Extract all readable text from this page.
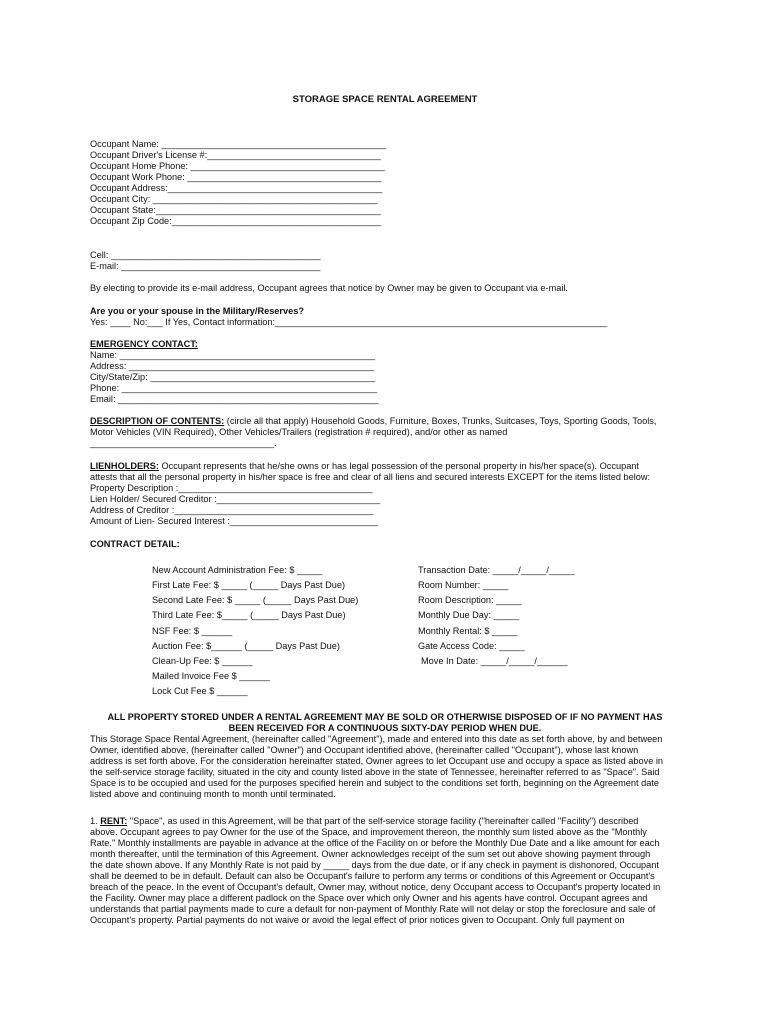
STORAGE SPACE RENTAL AGREEMENT
Occupant Name: ____________________________________________
Occupant Driver's License #:__________________________________
Occupant Home Phone: ______________________________________
Occupant Work Phone: ______________________________________
Occupant Address:__________________________________________
Occupant City: ____________________________________________
Occupant State:____________________________________________
Occupant Zip Code:_________________________________________
Cell: _________________________________________
E-mail: _______________________________________
By electing to provide its e-mail address, Occupant agrees that notice by Owner may be given to Occupant via e-mail.
Are you or your spouse in the Military/Reserves?
Yes: ____ No:___ If Yes, Contact information:_________________________________________________________________
EMERGENCY CONTACT:
Name: __________________________________________________
Address: ________________________________________________
City/State/Zip: ____________________________________________
Phone: __________________________________________________
Email: ___________________________________________________
DESCRIPTION OF CONTENTS: (circle all that apply) Household Goods, Furniture, Boxes, Trunks, Suitcases, Toys, Sporting Goods, Tools,
Motor Vehicles (VIN Required), Other Vehicles/Trailers (registration # required), and/or other as named
____________________________________.
LIENHOLDERS: Occupant represents that he/she owns or has legal possession of the personal property in his/her space(s). Occupant
attests that all the personal property in his/her space is free and clear of all liens and secured interests EXCEPT for the items listed below:
Property Description :______________________________________
Lien Holder/ Secured Creditor :________________________________
Address of Creditor :_______________________________________
Amount of Lien- Secured Interest :_____________________________
CONTRACT DETAIL:
New Account Administration Fee: $ _____
First Late Fee: $ _____ (_____ Days Past Due)
Second Late Fee: $ _____ (_____ Days Past Due)
Third Late Fee: $_____ (_____ Days Past Due)
NSF Fee: $ ______
Auction Fee: $______ (_____ Days Past Due)
Clean-Up Fee: $ ______
Mailed Invoice Fee $ ______
Lock Cut Fee $ ______
Transaction Date: _____/_____/_____
Room Number: _____
Room Description: _____
Monthly Due Day: _____
Monthly Rental: $ _____
Gate Access Code: _____
Move In Date: _____/_____/______
ALL PROPERTY STORED UNDER A RENTAL AGREEMENT MAY BE SOLD OR OTHERWISE DISPOSED OF IF NO PAYMENT HAS
BEEN RECEIVED FOR A CONTINUOUS SIXTY-DAY PERIOD WHEN DUE.
This Storage Space Rental Agreement, (hereinafter called "Agreement"), made and entered into this date as set forth above, by and between
Owner, identified above, (hereinafter called "Owner") and Occupant identified above, (hereinafter called "Occupant"), whose last known
address is set forth above. For the consideration hereinafter stated, Owner agrees to let Occupant use and occupy a space as listed above in
the self-service storage facility, situated in the city and county listed above in the state of Tennessee, hereinafter referred to as "Space". Said
Space is to be occupied and used for the purposes specified herein and subject to the conditions set forth, beginning on the Agreement date
listed above and continuing month to month until terminated.
1. RENT: "Space", as used in this Agreement, will be that part of the self-service storage facility ("hereinafter called "Facility") described
above. Occupant agrees to pay Owner for the use of the Space, and improvement thereon, the monthly sum listed above as the "Monthly
Rate." Monthly installments are payable in advance at the office of the Facility on or before the Monthly Due Date and a like amount for each
month thereafter, until the termination of this Agreement. Owner acknowledges receipt of the sum set out above showing payment through
the date shown above. If any Monthly Rate is not paid by _____ days from the due date, or if any check in payment is dishonored, Occupant
shall be deemed to be in default. Default can also be Occupant's failure to perform any terms or conditions of this Agreement or Occupant's
breach of the peace. In the event of Occupant's default, Owner may, without notice, deny Occupant access to Occupant's property located in
the Facility. Owner may place a different padlock on the Space over which only Owner and his agents have control. Occupant agrees and
understands that partial payments made to cure a default for non-payment of Monthly Rate will not delay or stop the foreclosure and sale of
Occupant's property. Partial payments do not waive or avoid the legal effect of prior notices given to Occupant. Only full payment on
